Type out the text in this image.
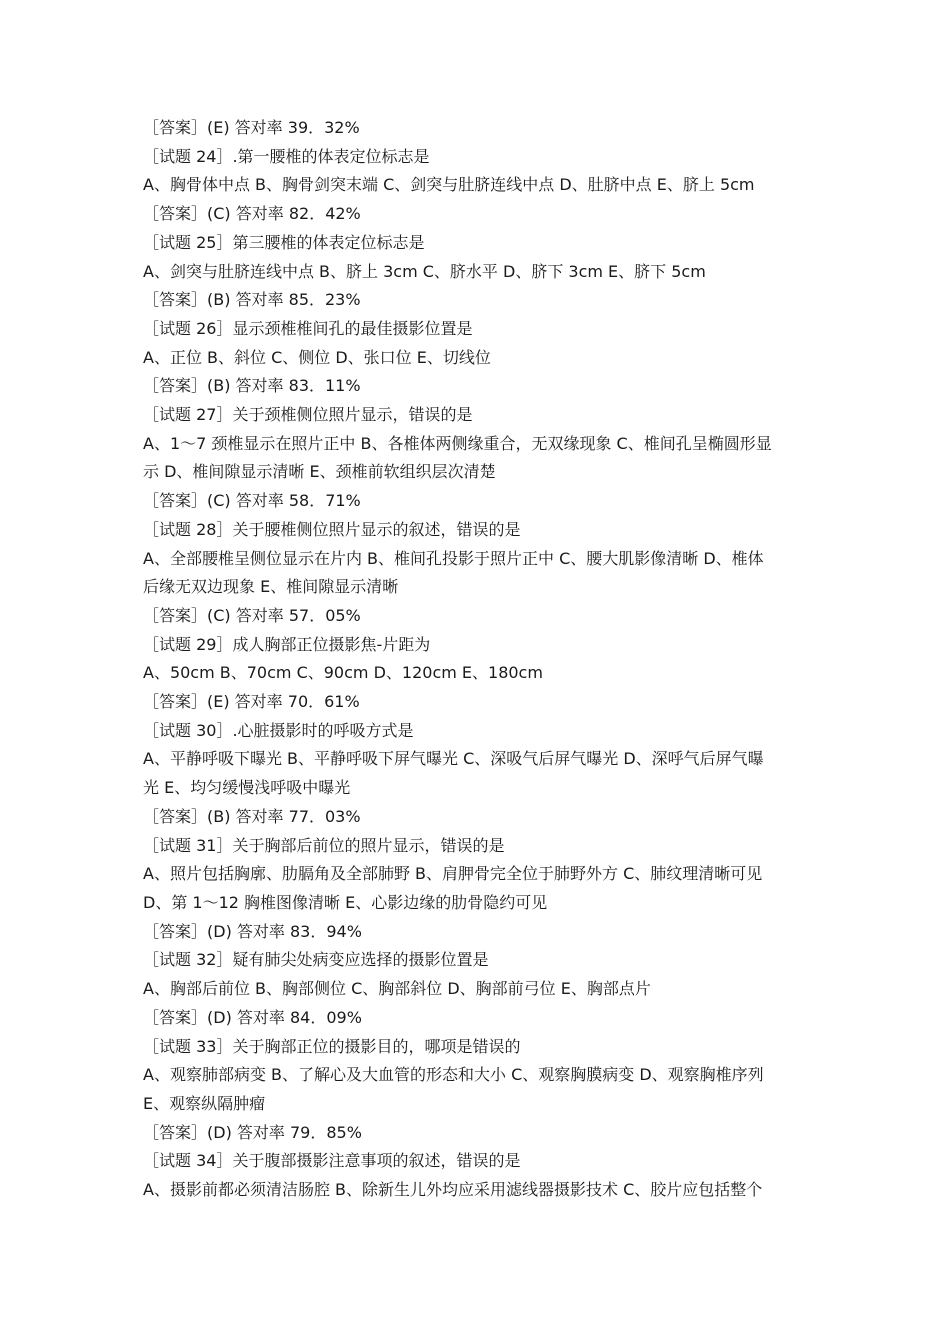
［答案］(E) 答对率 39．32%

［试题 24］.第一腰椎的体表定位标志是

A、胸骨体中点 B、胸骨剑突末端 C、剑突与肚脐连线中点 D、肚脐中点 E、脐上 5cm

［答案］(C) 答对率 82．42%

［试题 25］第三腰椎的体表定位标志是

A、剑突与肚脐连线中点 B、脐上 3cm C、脐水平 D、脐下 3cm E、脐下 5cm

［答案］(B) 答对率 85．23%

［试题 26］显示颈椎椎间孔的最佳摄影位置是

A、正位 B、斜位 C、侧位 D、张口位 E、切线位

［答案］(B) 答对率 83．11%

［试题 27］关于颈椎侧位照片显示，错误的是

A、1～7 颈椎显示在照片正中 B、各椎体两侧缘重合，无双缘现象 C、椎间孔呈椭圆形显

示 D、椎间隙显示清晰 E、颈椎前软组织层次清楚

［答案］(C) 答对率 58．71%

［试题 28］关于腰椎侧位照片显示的叙述，错误的是

A、全部腰椎呈侧位显示在片内 B、椎间孔投影于照片正中 C、腰大肌影像清晰 D、椎体

后缘无双边现象 E、椎间隙显示清晰

［答案］(C) 答对率 57．05%

［试题 29］成人胸部正位摄影焦-片距为

A、50cm B、70cm C、90cm D、120cm E、180cm

［答案］(E) 答对率 70．61%

［试题 30］.心脏摄影时的呼吸方式是

A、平静呼吸下曝光 B、平静呼吸下屏气曝光 C、深吸气后屏气曝光 D、深呼气后屏气曝

光 E、均匀缓慢浅呼吸中曝光

［答案］(B) 答对率 77．03%

［试题 31］关于胸部后前位的照片显示，错误的是

A、照片包括胸廓、肋膈角及全部肺野 B、肩胛骨完全位于肺野外方 C、肺纹理清晰可见

D、第 1～12 胸椎图像清晰 E、心影边缘的肋骨隐约可见

［答案］(D) 答对率 83．94%

［试题 32］疑有肺尖处病变应选择的摄影位置是

A、胸部后前位 B、胸部侧位 C、胸部斜位 D、胸部前弓位 E、胸部点片

［答案］(D) 答对率 84．09%

［试题 33］关于胸部正位的摄影目的，哪项是错误的

A、观察肺部病变 B、了解心及大血管的形态和大小 C、观察胸膜病变 D、观察胸椎序列

E、观察纵隔肿瘤

［答案］(D) 答对率 79．85%

［试题 34］关于腹部摄影注意事项的叙述，错误的是

A、摄影前都必须清洁肠腔 B、除新生儿外均应采用滤线器摄影技术 C、胶片应包括整个
